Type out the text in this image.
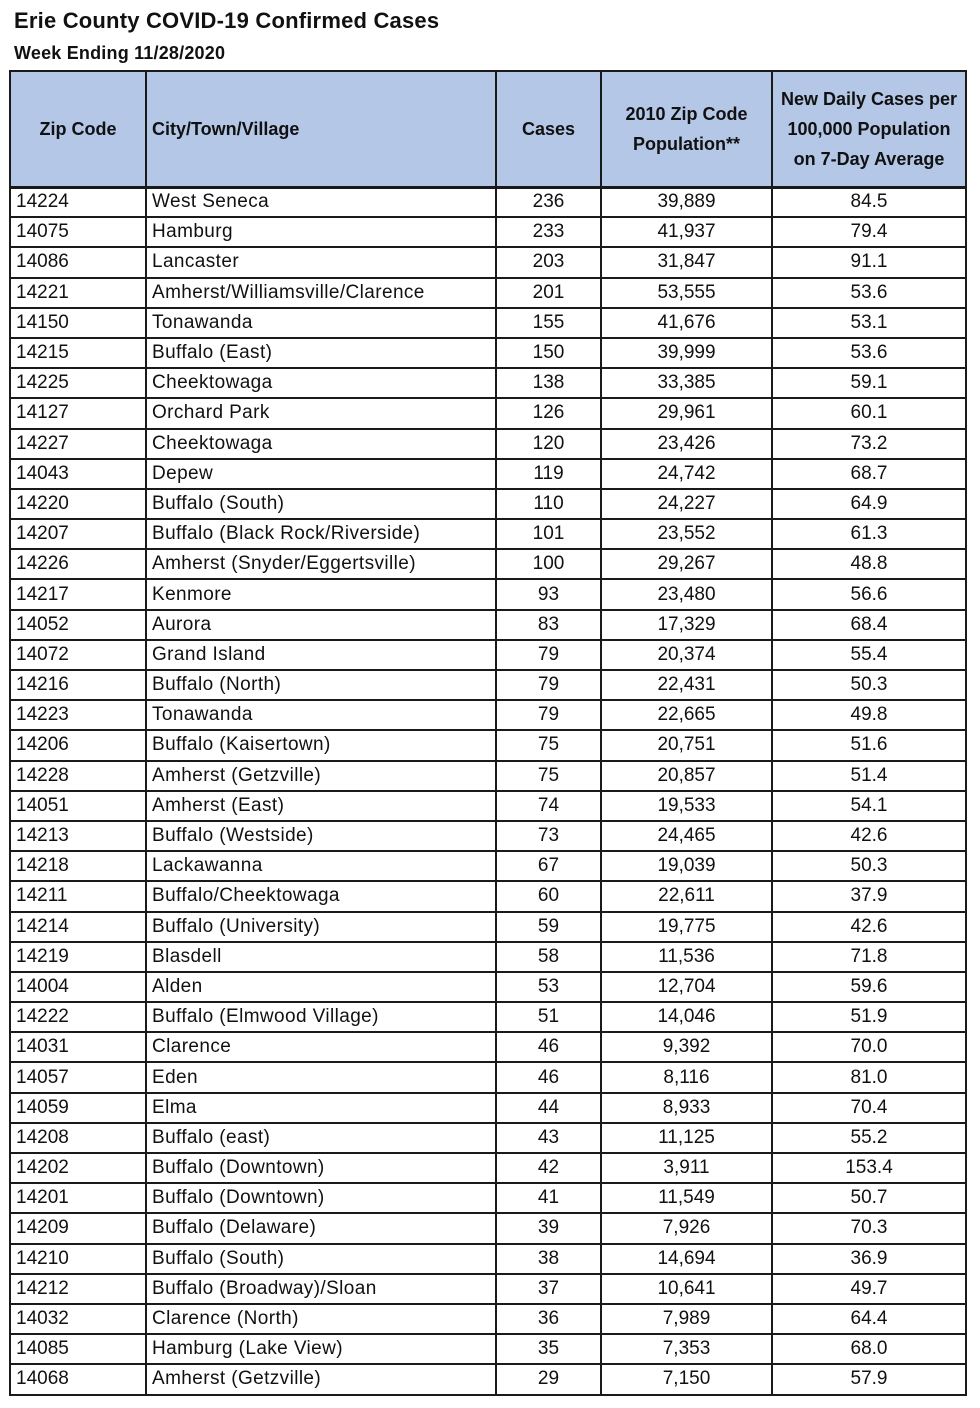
Erie County COVID-19 Confirmed Cases
Week Ending 11/28/2020
Zip Code	City/Town/Village	Cases	2010 Zip Code Population**	New Daily Cases per 100,000 Population on 7-Day Average
14224	West Seneca	236	39,889	84.5
14075	Hamburg	233	41,937	79.4
14086	Lancaster	203	31,847	91.1
14221	Amherst/Williamsville/Clarence	201	53,555	53.6
14150	Tonawanda	155	41,676	53.1
14215	Buffalo (East)	150	39,999	53.6
14225	Cheektowaga	138	33,385	59.1
14127	Orchard Park	126	29,961	60.1
14227	Cheektowaga	120	23,426	73.2
14043	Depew	119	24,742	68.7
14220	Buffalo (South)	110	24,227	64.9
14207	Buffalo (Black Rock/Riverside)	101	23,552	61.3
14226	Amherst (Snyder/Eggertsville)	100	29,267	48.8
14217	Kenmore	93	23,480	56.6
14052	Aurora	83	17,329	68.4
14072	Grand Island	79	20,374	55.4
14216	Buffalo (North)	79	22,431	50.3
14223	Tonawanda	79	22,665	49.8
14206	Buffalo (Kaisertown)	75	20,751	51.6
14228	Amherst (Getzville)	75	20,857	51.4
14051	Amherst (East)	74	19,533	54.1
14213	Buffalo (Westside)	73	24,465	42.6
14218	Lackawanna	67	19,039	50.3
14211	Buffalo/Cheektowaga	60	22,611	37.9
14214	Buffalo (University)	59	19,775	42.6
14219	Blasdell	58	11,536	71.8
14004	Alden	53	12,704	59.6
14222	Buffalo (Elmwood Village)	51	14,046	51.9
14031	Clarence	46	9,392	70.0
14057	Eden	46	8,116	81.0
14059	Elma	44	8,933	70.4
14208	Buffalo (east)	43	11,125	55.2
14202	Buffalo (Downtown)	42	3,911	153.4
14201	Buffalo (Downtown)	41	11,549	50.7
14209	Buffalo (Delaware)	39	7,926	70.3
14210	Buffalo (South)	38	14,694	36.9
14212	Buffalo (Broadway)/Sloan	37	10,641	49.7
14032	Clarence (North)	36	7,989	64.4
14085	Hamburg (Lake View)	35	7,353	68.0
14068	Amherst (Getzville)	29	7,150	57.9
